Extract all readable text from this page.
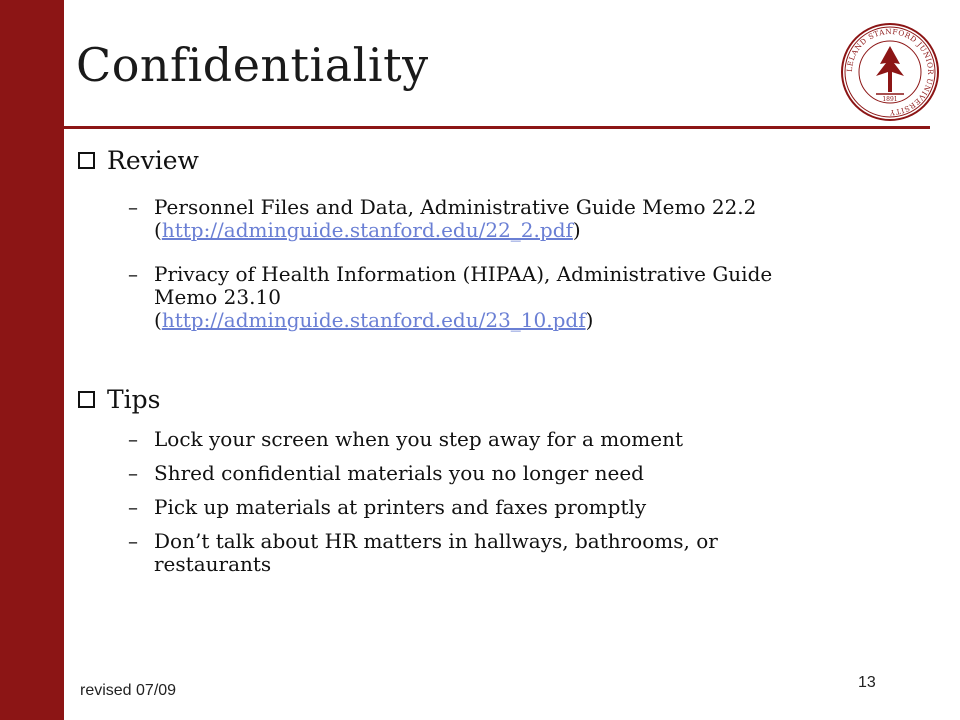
Confidentiality	LELAND STANFORD JUNIOR UNIVERSITY
1891
Review
– Personnel Files and Data, Administrative Guide Memo 22.2
(http://adminguide.stanford.edu/22_2.pdf)
– Privacy of Health Information (HIPAA), Administrative Guide Memo 23.10
(http://adminguide.stanford.edu/23_10.pdf)
Tips
– Lock your screen when you step away for a moment
– Shred confidential materials you no longer need
– Pick up materials at printers and faxes promptly
– Don’t talk about HR matters in hallways, bathrooms, or restaurants
revised 07/09	13
